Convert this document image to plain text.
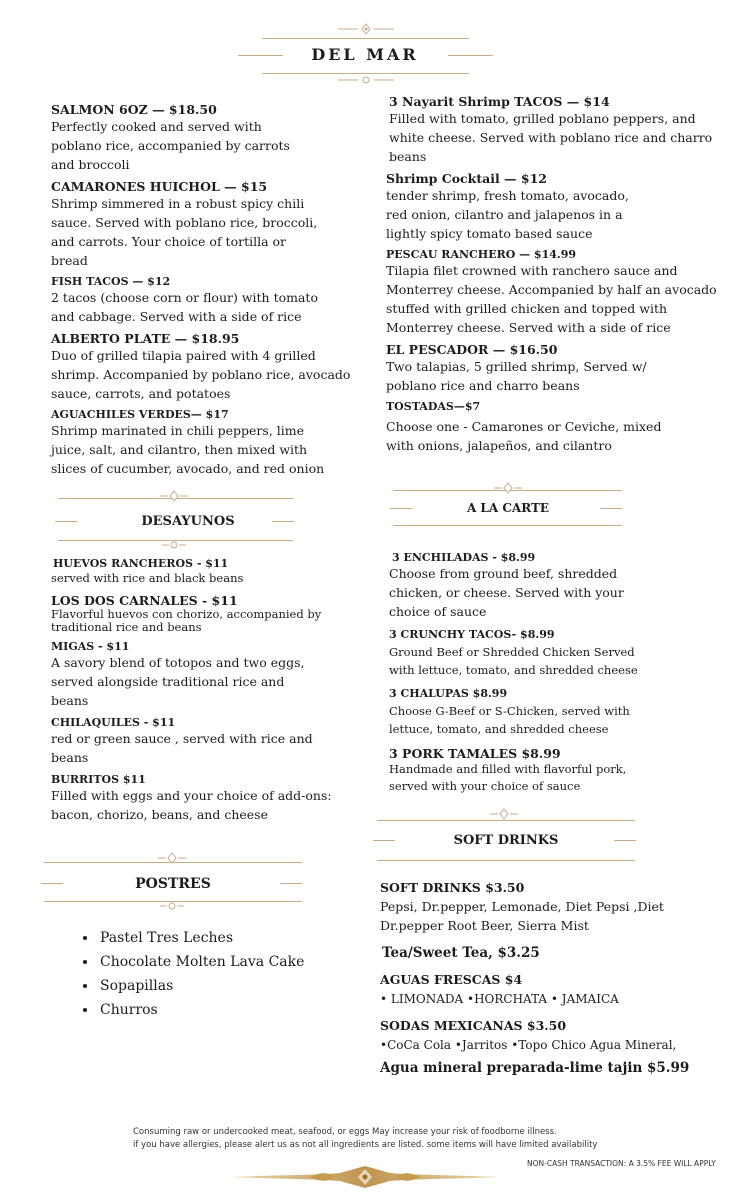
DEL MAR
SALMON 6OZ — $18.50
Perfectly cooked and served with poblano rice, accompanied by carrots and broccoli
CAMARONES HUICHOL — $15
Shrimp simmered in a robust spicy chili sauce. Served with poblano rice, broccoli, and carrots. Your choice of tortilla or bread
FISH TACOS — $12
2 tacos (choose corn or flour) with tomato and cabbage. Served with a side of rice
ALBERTO PLATE — $18.95
Duo of grilled tilapia paired with 4 grilled shrimp. Accompanied by poblano rice, avocado sauce, carrots, and potatoes
AGUACHILES VERDES— $17
Shrimp marinated in chili peppers, lime juice, salt, and cilantro, then mixed with slices of cucumber, avocado, and red onion
3 Nayarit Shrimp TACOS — $14
Filled with tomato, grilled poblano peppers, and white cheese. Served with poblano rice and charro beans
Shrimp Cocktail — $12
tender shrimp, fresh tomato, avocado, red onion, cilantro and jalapenos in a lightly spicy tomato based sauce
PESCAU RANCHERO — $14.99
Tilapia filet crowned with ranchero sauce and Monterrey cheese. Accompanied by half an avocado stuffed with grilled chicken and topped with Monterrey cheese. Served with a side of rice
EL PESCADOR — $16.50
Two talapias, 5 grilled shrimp, Served w/ poblano rice and charro beans
TOSTADAS—$7
Choose one - Camarones or Ceviche, mixed with onions, jalapeños, and cilantro
DESAYUNOS
HUEVOS RANCHEROS - $11
served with rice and black beans
LOS DOS CARNALES - $11
Flavorful huevos con chorizo, accompanied by traditional rice and beans
MIGAS - $11
A savory blend of totopos and two eggs, served alongside traditional rice and beans
CHILAQUILES - $11
red or green sauce , served with rice and beans
BURRITOS $11
Filled with eggs and your choice of add-ons: bacon, chorizo, beans, and cheese
POSTRES
• Pastel Tres Leches
• Chocolate Molten Lava Cake
• Sopapillas
• Churros
A LA CARTE
3 ENCHILADAS - $8.99
Choose from ground beef, shredded chicken, or cheese. Served with your choice of sauce
3 CRUNCHY TACOS- $8.99
Ground Beef or Shredded Chicken Served with lettuce, tomato, and shredded cheese
3 CHALUPAS $8.99
Choose G-Beef or S-Chicken, served with lettuce, tomato, and shredded cheese
3 PORK TAMALES $8.99
Handmade and filled with flavorful pork, served with your choice of sauce
SOFT DRINKS
SOFT DRINKS $3.50
Pepsi, Dr.pepper, Lemonade, Diet Pepsi ,Diet Dr.pepper Root Beer, Sierra Mist
Tea/Sweet Tea, $3.25
AGUAS FRESCAS $4
• LIMONADA •HORCHATA • JAMAICA
SODAS MEXICANAS $3.50
•CoCa Cola •Jarritos •Topo Chico Agua Mineral,
Agua mineral preparada-lime tajin $5.99
Consuming raw or undercooked meat, seafood, or eggs May increase your risk of foodborne illness.
if you have allergies, please alert us as not all ingredients are listed. some items will have limited availability
NON-CASH TRANSACTION: A 3.5% FEE WILL APPLY
